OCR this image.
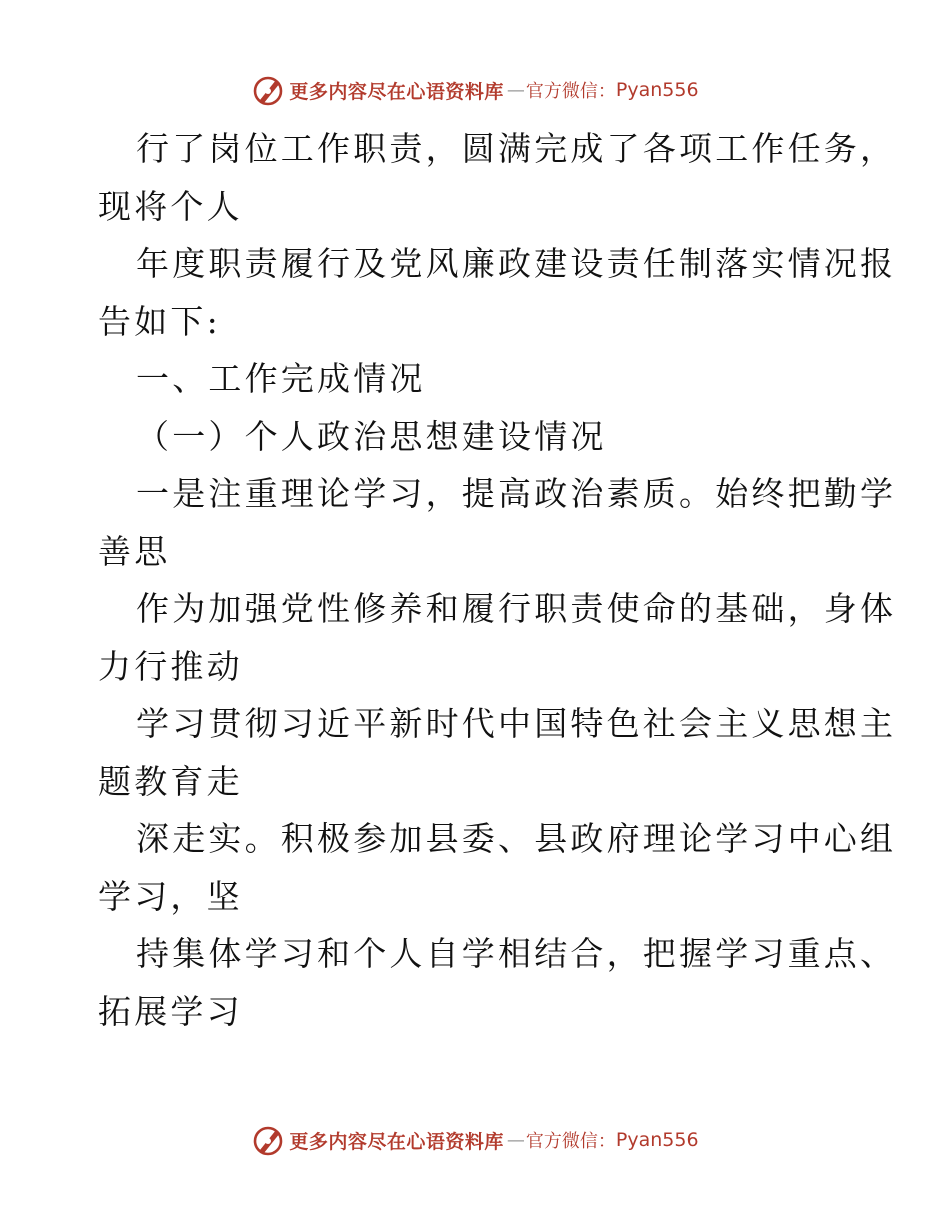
更多内容尽在心语资料库 — 官方微信： Pyan556

行了岗位工作职责，圆满完成了各项工作任务，

现将个人

年度职责履行及党风廉政建设责任制落实情况报

告如下:

一、工作完成情况

（一）个人政治思想建设情况

一是注重理论学习，提高政治素质。始终把勤学

善思

作为加强党性修养和履行职责使命的基础，身体

力行推动

学习贯彻习近平新时代中国特色社会主义思想主

题教育走

深走实。积极参加县委、县政府理论学习中心组

学习，坚

持集体学习和个人自学相结合，把握学习重点、

拓展学习

更多内容尽在心语资料库 — 官方微信： Pyan556
